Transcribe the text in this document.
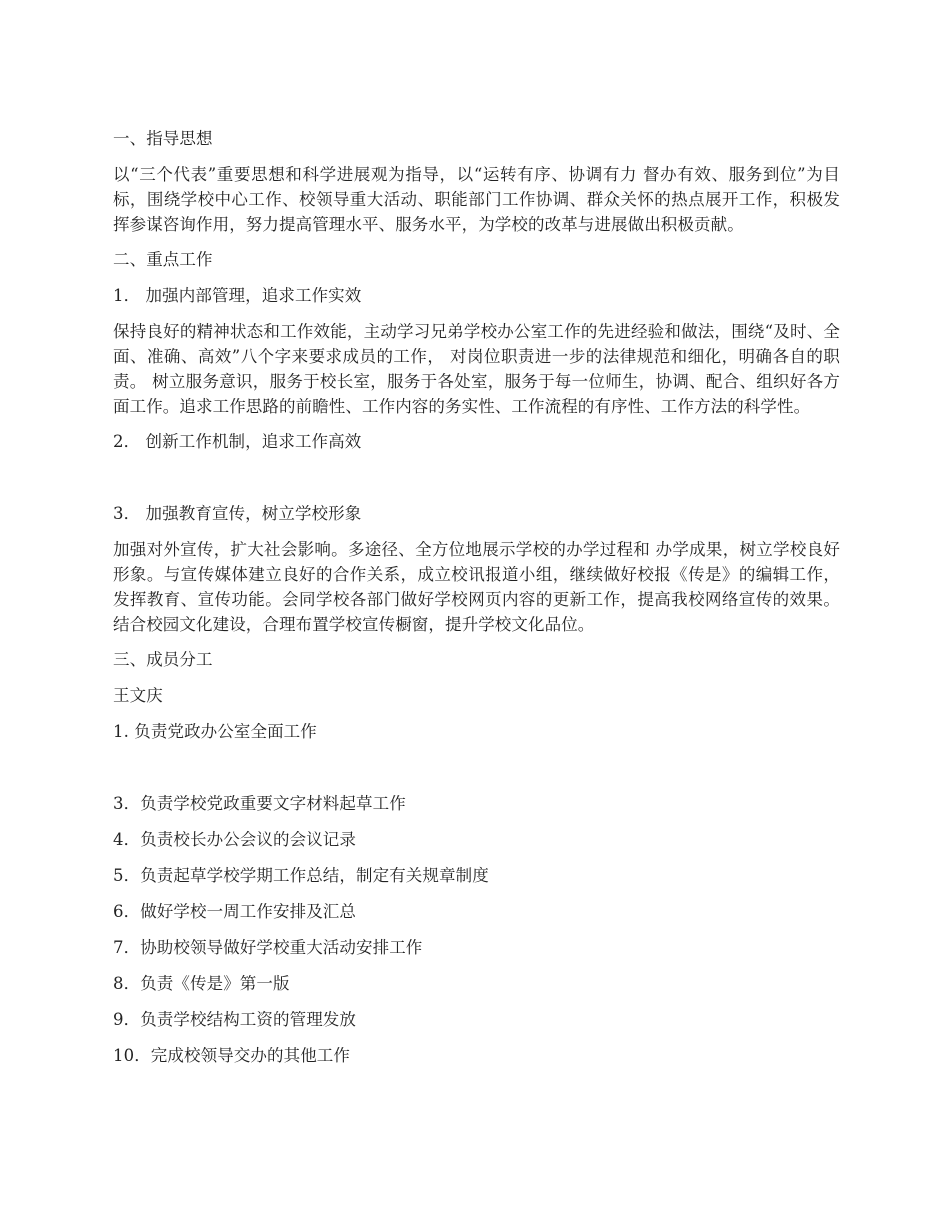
一、指导思想

以“三个代表”重要思想和科学进展观为指导，以“运转有序、协调有力 督办有效、服务到位”为目标，围绕学校中心工作、校领导重大活动、职能部门工作协调、群众关怀的热点展开工作，积极发挥参谋咨询作用，努力提高管理水平、服务水平，为学校的改革与进展做出积极贡献。

二、重点工作

1． 加强内部管理，追求工作实效

保持良好的精神状态和工作效能，主动学习兄弟学校办公室工作的先进经验和做法，围绕“及时、全面、准确、高效”八个字来要求成员的工作， 对岗位职责进一步的法律规范和细化，明确各自的职责。 树立服务意识，服务于校长室，服务于各处室，服务于每一位师生，协调、配合、组织好各方面工作。追求工作思路的前瞻性、工作内容的务实性、工作流程的有序性、工作方法的科学性。

2． 创新工作机制，追求工作高效

3． 加强教育宣传，树立学校形象

加强对外宣传，扩大社会影响。多途径、全方位地展示学校的办学过程和 办学成果，树立学校良好形象。与宣传媒体建立良好的合作关系，成立校讯报道小组，继续做好校报《传是》的编辑工作，发挥教育、宣传功能。会同学校各部门做好学校网页内容的更新工作，提高我校网络宣传的效果。结合校园文化建设，合理布置学校宣传橱窗，提升学校文化品位。

三、成员分工

王文庆

1. 负责党政办公室全面工作

3．负责学校党政重要文字材料起草工作

4．负责校长办公会议的会议记录

5．负责起草学校学期工作总结，制定有关规章制度

6．做好学校一周工作安排及汇总

7．协助校领导做好学校重大活动安排工作

8．负责《传是》第一版

9．负责学校结构工资的管理发放

10．完成校领导交办的其他工作
